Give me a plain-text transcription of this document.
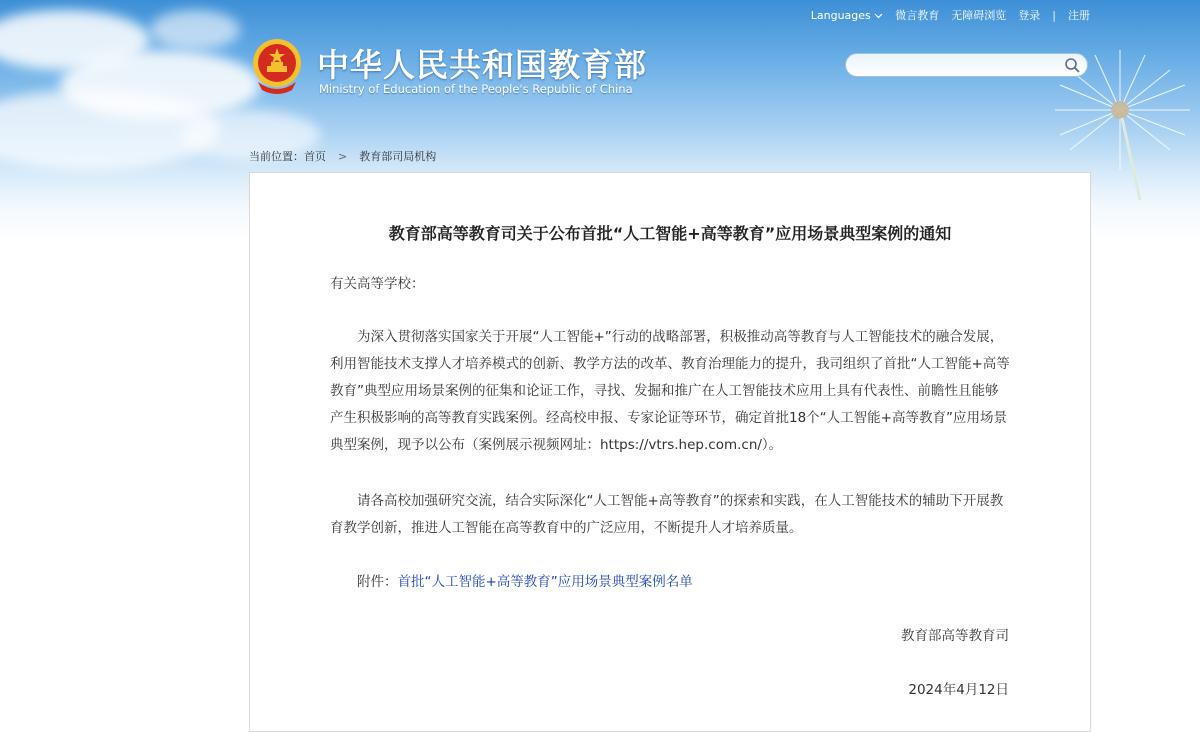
Languages	微言教育 无障碍浏览 登录 | 注册
中华人民共和国教育部
Ministry of Education of the People's Republic of China
当前位置：首页 > 教育部司局机构
教育部高等教育司关于公布首批“人工智能+高等教育”应用场景典型案例的通知
有关高等学校：
为深入贯彻落实国家关于开展“人工智能+”行动的战略部署，积极推动高等教育与人工智能技术的融合发展，利用智能技术支撑人才培养模式的创新、教学方法的改革、教育治理能力的提升，我司组织了首批“人工智能+高等教育”典型应用场景案例的征集和论证工作，寻找、发掘和推广在人工智能技术应用上具有代表性、前瞻性且能够产生积极影响的高等教育实践案例。经高校申报、专家论证等环节，确定首批18个“人工智能+高等教育”应用场景典型案例，现予以公布（案例展示视频网址：https://vtrs.hep.com.cn/）。
请各高校加强研究交流，结合实际深化“人工智能+高等教育”的探索和实践，在人工智能技术的辅助下开展教育教学创新，推进人工智能在高等教育中的广泛应用，不断提升人才培养质量。
附件：首批“人工智能+高等教育”应用场景典型案例名单
教育部高等教育司
2024年4月12日
